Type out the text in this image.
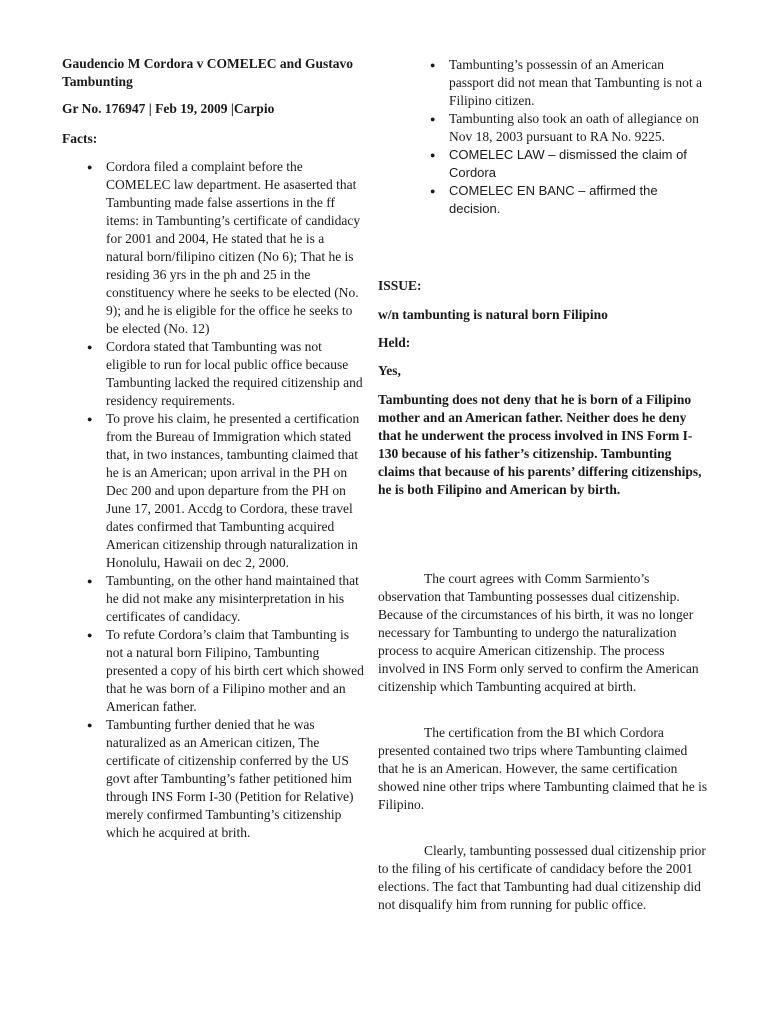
Gaudencio M Cordora v COMELEC and Gustavo Tambunting
Gr No. 176947 | Feb 19, 2009 |Carpio
Facts:
● Cordora filed a complaint before the COMELEC law department. He asaserted that Tambunting made false assertions in the ff items: in Tambunting’s certificate of candidacy for 2001 and 2004, He stated that he is a natural born/filipino citizen (No 6); That he is residing 36 yrs in the ph and 25 in the constituency where he seeks to be elected (No. 9); and he is eligible for the office he seeks to be elected (No. 12)
● Cordora stated that Tambunting was not eligible to run for local public office because Tambunting lacked the required citizenship and residency requirements.
● To prove his claim, he presented a certification from the Bureau of Immigration which stated that, in two instances, tambunting claimed that he is an American; upon arrival in the PH on Dec 200 and upon departure from the PH on June 17, 2001. Accdg to Cordora, these travel dates confirmed that Tambunting acquired American citizenship through naturalization in Honolulu, Hawaii on dec 2, 2000.
● Tambunting, on the other hand maintained that he did not make any misinterpretation in his certificates of candidacy.
● To refute Cordora’s claim that Tambunting is not a natural born Filipino, Tambunting presented a copy of his birth cert which showed that he was born of a Filipino mother and an American father.
● Tambunting further denied that he was naturalized as an American citizen, The certificate of citizenship conferred by the US govt after Tambunting’s father petitioned him through INS Form I-30 (Petition for Relative) merely confirmed Tambunting’s citizenship which he acquired at brith.
● Tambunting’s possessin of an American passport did not mean that Tambunting is not a Filipino citizen.
● Tambunting also took an oath of allegiance on Nov 18, 2003 pursuant to RA No. 9225.
● COMELEC LAW – dismissed the claim of Cordora
● COMELEC EN BANC – affirmed the decision.
ISSUE:
w/n tambunting is natural born Filipino
Held:
Yes,
Tambunting does not deny that he is born of a Filipino mother and an American father. Neither does he deny that he underwent the process involved in INS Form I-130 because of his father’s citizenship. Tambunting claims that because of his parents’ differing citizenships, he is both Filipino and American by birth.
The court agrees with Comm Sarmiento’s observation that Tambunting possesses dual citizenship. Because of the circumstances of his birth, it was no longer necessary for Tambunting to undergo the naturalization process to acquire American citizenship. The process involved in INS Form only served to confirm the American citizenship which Tambunting acquired at birth.
The certification from the BI which Cordora presented contained two trips where Tambunting claimed that he is an American. However, the same certification showed nine other trips where Tambunting claimed that he is Filipino.
Clearly, tambunting possessed dual citizenship prior to the filing of his certificate of candidacy before the 2001 elections. The fact that Tambunting had dual citizenship did not disqualify him from running for public office.
